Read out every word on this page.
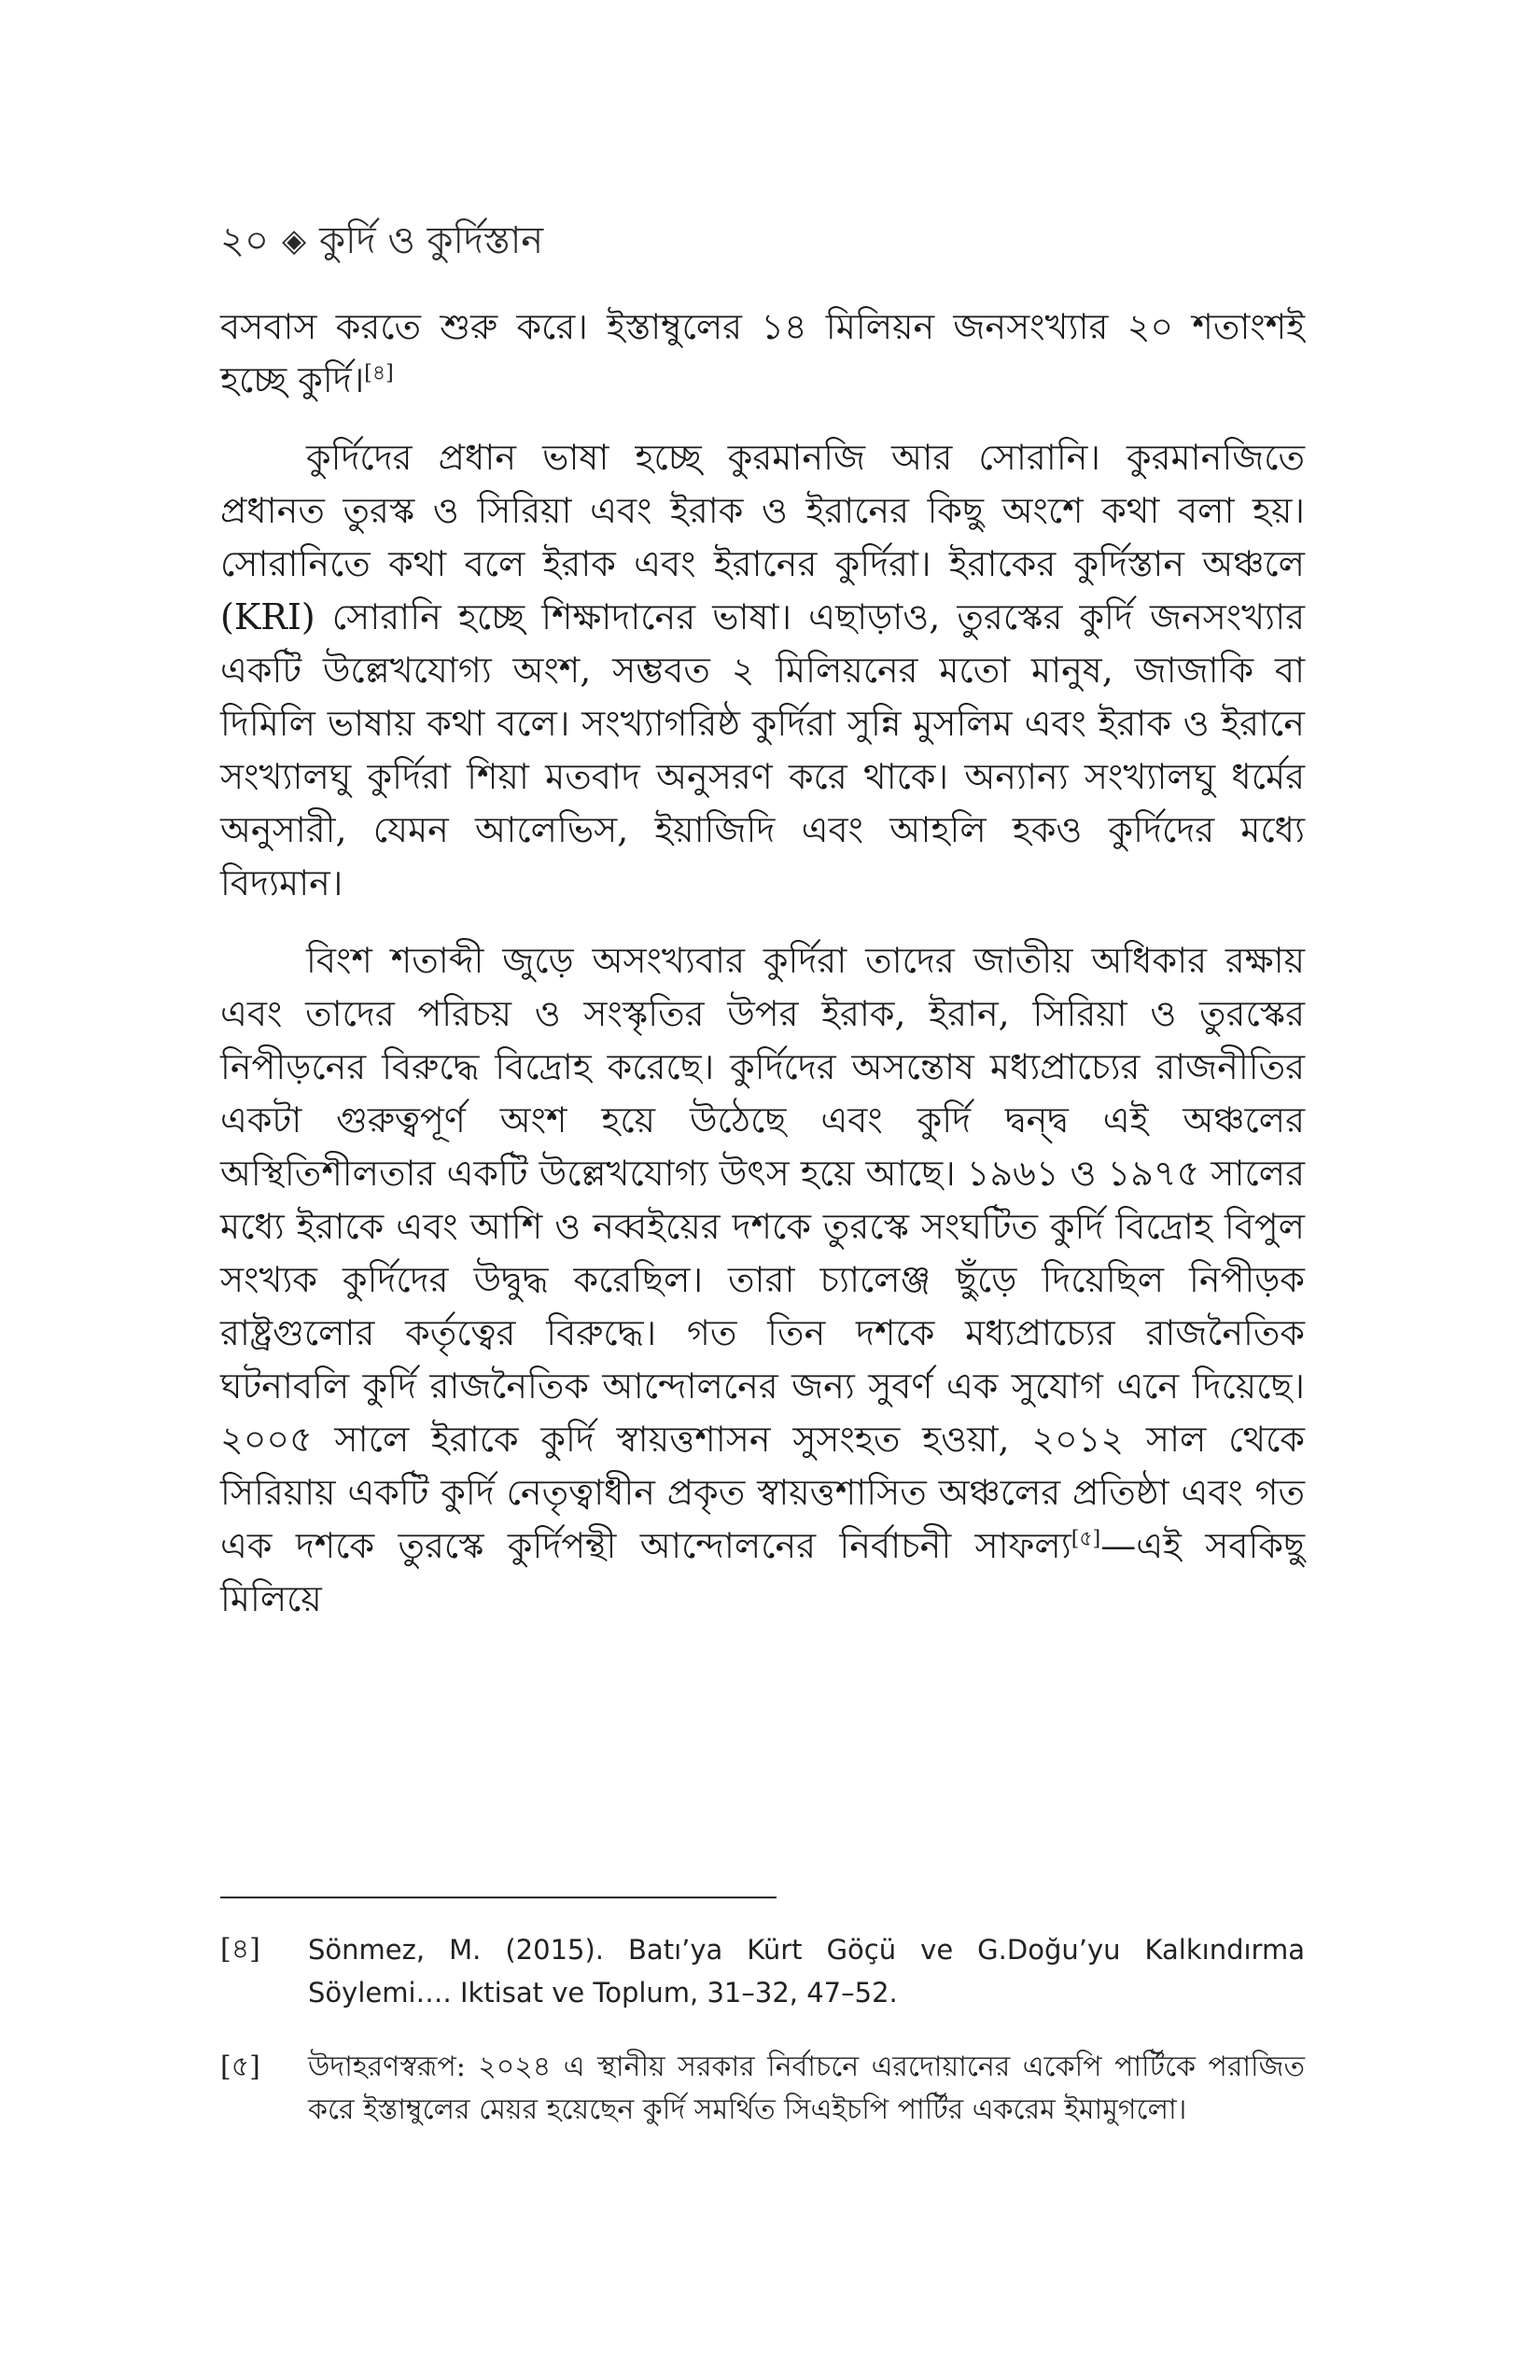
২০ ◈ কুর্দি ও কুর্দিস্তান

বসবাস করতে শুরু করে। ইস্তাম্বুলের ১৪ মিলিয়ন জনসংখ্যার ২০ শতাংশই হচ্ছে কুর্দি।[৪]

কুর্দিদের প্রধান ভাষা হচ্ছে কুরমানজি আর সোরানি। কুরমানজিতে প্রধানত তুরস্ক ও সিরিয়া এবং ইরাক ও ইরানের কিছু অংশে কথা বলা হয়। সোরানিতে কথা বলে ইরাক এবং ইরানের কুর্দিরা। ইরাকের কুর্দিস্তান অঞ্চলে (KRI) সোরানি হচ্ছে শিক্ষাদানের ভাষা। এছাড়াও, তুরস্কের কুর্দি জনসংখ্যার একটি উল্লেখযোগ্য অংশ, সম্ভবত ২ মিলিয়নের মতো মানুষ, জাজাকি বা দিমিলি ভাষায় কথা বলে। সংখ্যাগরিষ্ঠ কুর্দিরা সুন্নি মুসলিম এবং ইরাক ও ইরানে সংখ্যালঘু কুর্দিরা শিয়া মতবাদ অনুসরণ করে থাকে। অন্যান্য সংখ্যালঘু ধর্মের অনুসারী, যেমন আলেভিস, ইয়াজিদি এবং আহলি হকও কুর্দিদের মধ্যে বিদ্যমান।

বিংশ শতাব্দী জুড়ে অসংখ্যবার কুর্দিরা তাদের জাতীয় অধিকার রক্ষায় এবং তাদের পরিচয় ও সংস্কৃতির উপর ইরাক, ইরান, সিরিয়া ও তুরস্কের নিপীড়নের বিরুদ্ধে বিদ্রোহ করেছে। কুর্দিদের অসন্তোষ মধ্যপ্রাচ্যের রাজনীতির একটা গুরুত্বপূর্ণ অংশ হয়ে উঠেছে এবং কুর্দি দ্বন্দ্ব এই অঞ্চলের অস্থিতিশীলতার একটি উল্লেখযোগ্য উৎস হয়ে আছে। ১৯৬১ ও ১৯৭৫ সালের মধ্যে ইরাকে এবং আশি ও নব্বইয়ের দশকে তুরস্কে সংঘটিত কুর্দি বিদ্রোহ বিপুল সংখ্যক কুর্দিদের উদ্বুদ্ধ করেছিল। তারা চ্যালেঞ্জ ছুঁড়ে দিয়েছিল নিপীড়ক রাষ্ট্রগুলোর কর্তৃত্বের বিরুদ্ধে। গত তিন দশকে মধ্যপ্রাচ্যের রাজনৈতিক ঘটনাবলি কুর্দি রাজনৈতিক আন্দোলনের জন্য সুবর্ণ এক সুযোগ এনে দিয়েছে। ২০০৫ সালে ইরাকে কুর্দি স্বায়ত্তশাসন সুসংহত হওয়া, ২০১২ সাল থেকে সিরিয়ায় একটি কুর্দি নেতৃত্বাধীন প্রকৃত স্বায়ত্তশাসিত অঞ্চলের প্রতিষ্ঠা এবং গত এক দশকে তুরস্কে কুর্দিপন্থী আন্দোলনের নির্বাচনী সাফল্য[৫]—এই সবকিছু মিলিয়ে

[৪] Sönmez, M. (2015). Batı’ya Kürt Göçü ve G.Doğu’yu Kalkındırma Söylemi…. Iktisat ve Toplum, 31–32, 47–52.
[৫] উদাহরণস্বরূপ: ২০২৪ এ স্থানীয় সরকার নির্বাচনে এরদোয়ানের একেপি পার্টিকে পরাজিত করে ইস্তাম্বুলের মেয়র হয়েছেন কুর্দি সমর্থিত সিএইচপি পার্টির একরেম ইমামুগলো।
